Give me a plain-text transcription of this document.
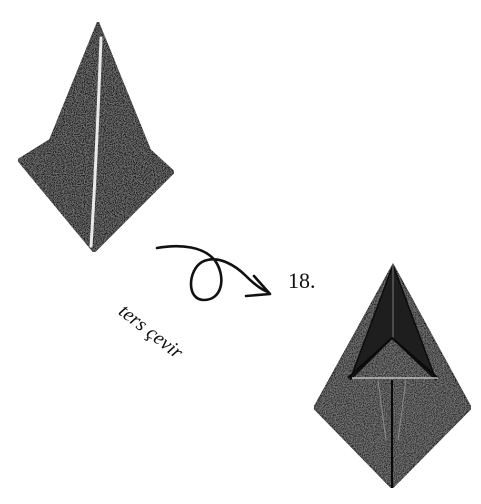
ters çevir
18.
